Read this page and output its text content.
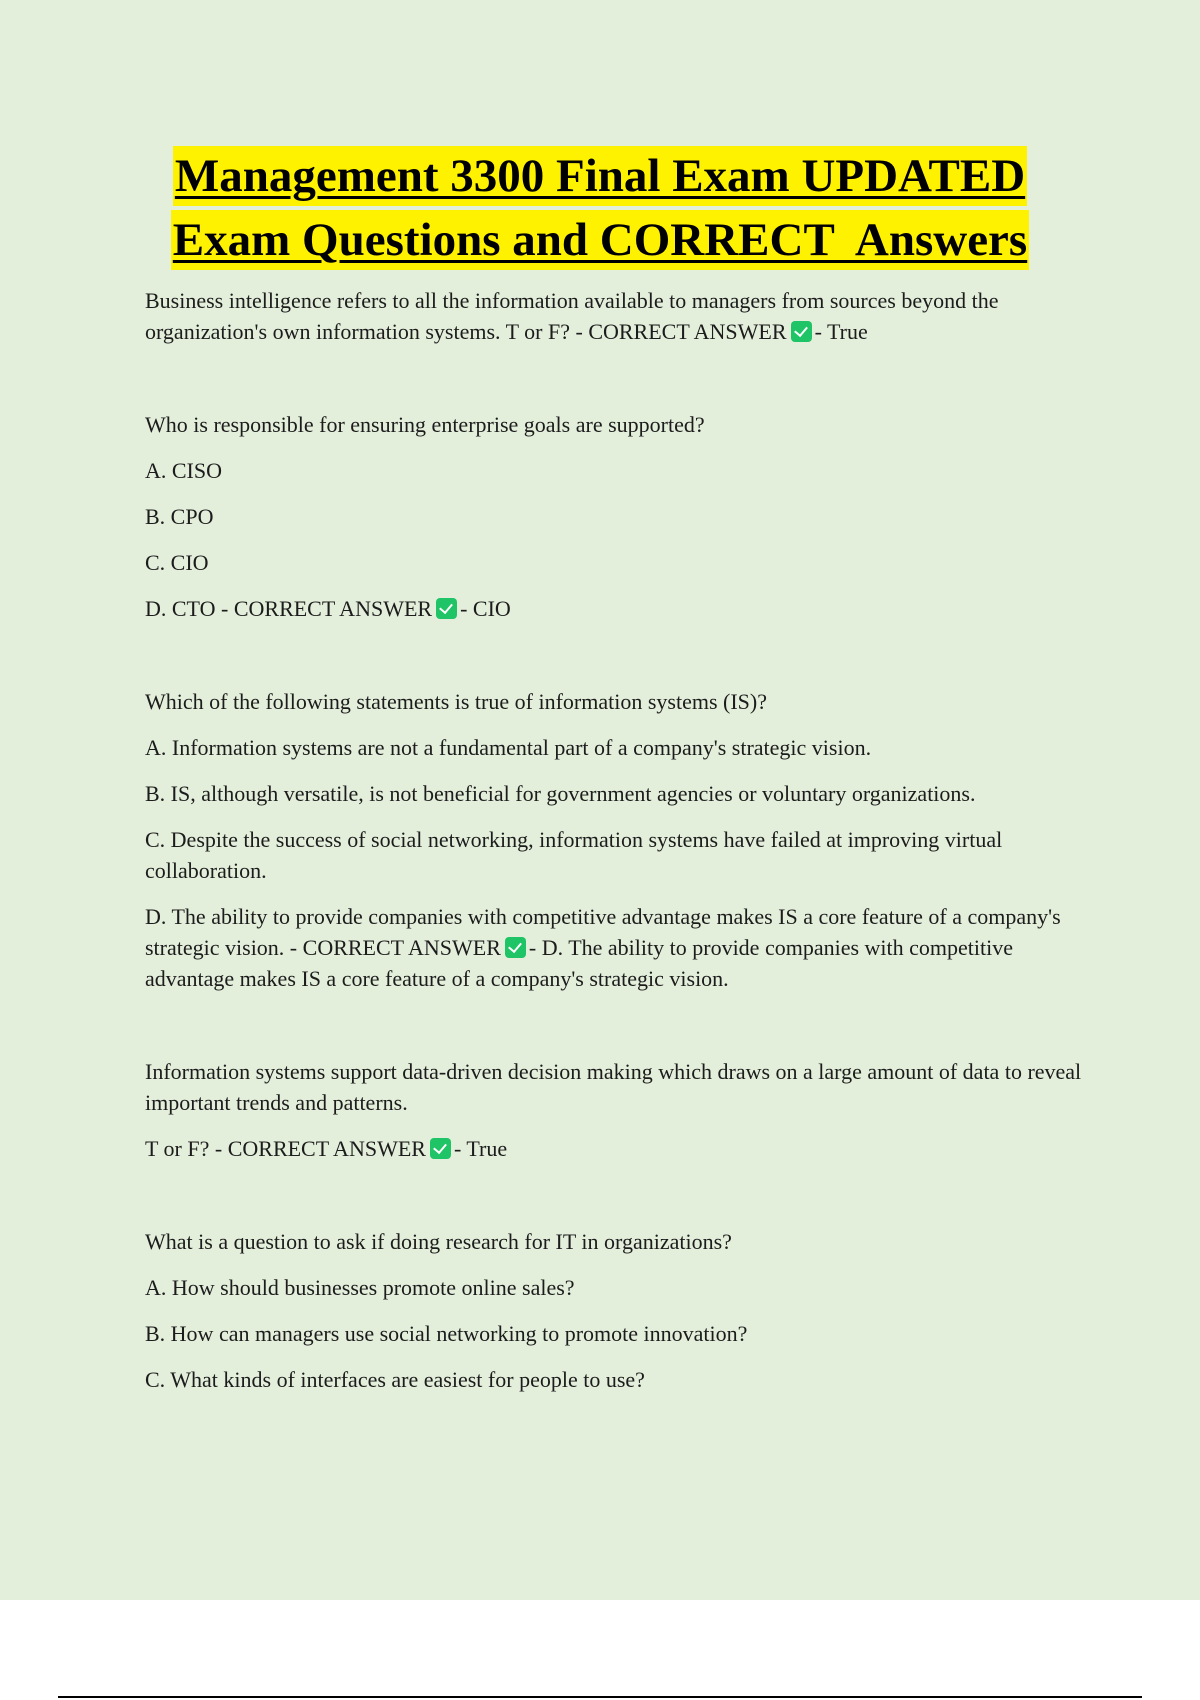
Management 3300 Final Exam UPDATED
Exam Questions and CORRECT  Answers

Business intelligence refers to all the information available to managers from sources beyond the organization's own information systems. T or F? - CORRECT ANSWER - True

Who is responsible for ensuring enterprise goals are supported?

A. CISO

B. CPO

C. CIO

D. CTO - CORRECT ANSWER - CIO

Which of the following statements is true of information systems (IS)?

A. Information systems are not a fundamental part of a company's strategic vision.

B. IS, although versatile, is not beneficial for government agencies or voluntary organizations.

C. Despite the success of social networking, information systems have failed at improving virtual collaboration.

D. The ability to provide companies with competitive advantage makes IS a core feature of a company's strategic vision. - CORRECT ANSWER - D. The ability to provide companies with competitive advantage makes IS a core feature of a company's strategic vision.

Information systems support data-driven decision making which draws on a large amount of data to reveal important trends and patterns.

T or F? - CORRECT ANSWER - True

What is a question to ask if doing research for IT in organizations?

A. How should businesses promote online sales?

B. How can managers use social networking to promote innovation?

C. What kinds of interfaces are easiest for people to use?
